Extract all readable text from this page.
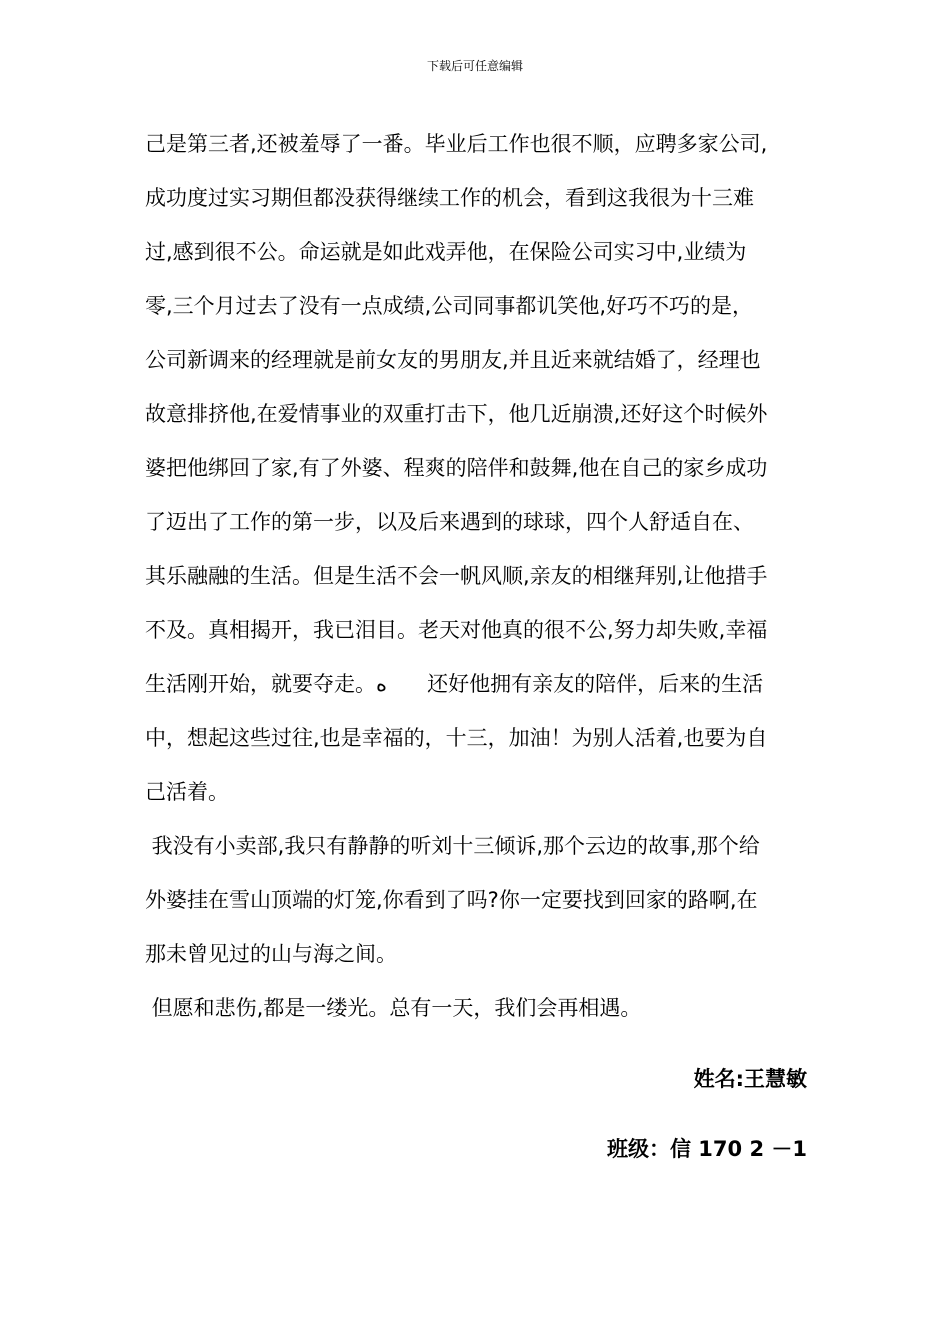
下载后可任意编辑
己是第三者,还被羞辱了一番。毕业后工作也很不顺，应聘多家公司,
成功度过实习期但都没获得继续工作的机会，看到这我很为十三难
过,感到很不公。命运就是如此戏弄他，在保险公司实习中,业绩为
零,三个月过去了没有一点成绩,公司同事都讥笑他,好巧不巧的是，
公司新调来的经理就是前女友的男朋友,并且近来就结婚了，经理也
故意排挤他,在爱情事业的双重打击下，他几近崩溃,还好这个时候外
婆把他绑回了家,有了外婆、程爽的陪伴和鼓舞,他在自己的家乡成功
了迈出了工作的第一步，以及后来遇到的球球，四个人舒适自在、
其乐融融的生活。但是生活不会一帆风顺,亲友的相继拜别,让他措手
不及。真相揭开，我已泪目。老天对他真的很不公,努力却失败,幸福
生活刚开始，就要夺走。ه      还好他拥有亲友的陪伴，后来的生活
中，想起这些过往,也是幸福的，十三，加油！为别人活着,也要为自
己活着。
我没有小卖部,我只有静静的听刘十三倾诉,那个云边的故事,那个给
外婆挂在雪山顶端的灯笼,你看到了吗?你一定要找到回家的路啊,在
那未曾见过的山与海之间。
但愿和悲伤,都是一缕光。总有一天，我们会再相遇。
姓名:王慧敏
班级：信 170 2 －1
